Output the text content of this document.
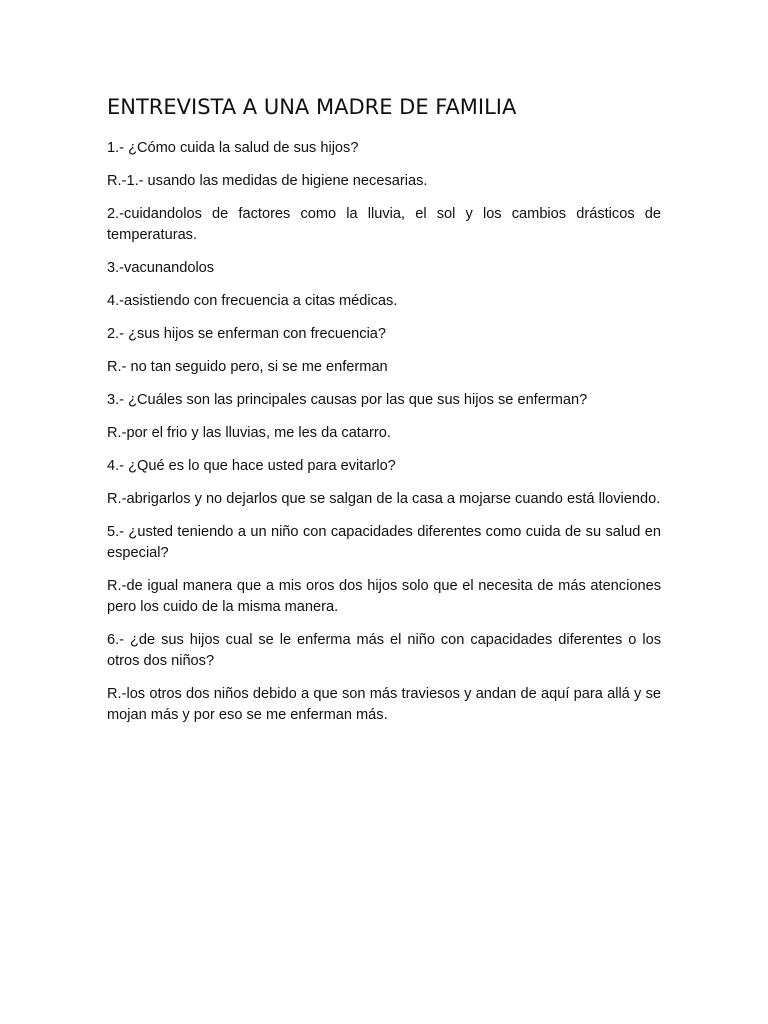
ENTREVISTA A UNA MADRE DE FAMILIA

1.- ¿Cómo cuida la salud de sus hijos?

R.-1.- usando las medidas de higiene necesarias.

2.-cuidandolos de factores como la lluvia, el sol y los cambios drásticos de temperaturas.

3.-vacunandolos

4.-asistiendo con frecuencia a citas médicas.

2.- ¿sus hijos se enferman con frecuencia?

R.- no tan seguido pero, si se me enferman

3.- ¿Cuáles son las principales causas por las que sus hijos se enferman?

R.-por el frio y las lluvias, me les da catarro.

4.- ¿Qué es lo que hace usted para evitarlo?

R.-abrigarlos y no dejarlos que se salgan de la casa a mojarse cuando está lloviendo.

5.- ¿usted teniendo a un niño con capacidades diferentes como cuida de su salud en especial?

R.-de igual manera que a mis oros dos hijos solo que el necesita de más atenciones pero los cuido de la misma manera.

6.- ¿de sus hijos cual se le enferma más el niño con capacidades diferentes o los otros dos niños?

R.-los otros dos niños debido a que son más traviesos y andan de aquí para allá y se mojan más y por eso se me enferman más.
